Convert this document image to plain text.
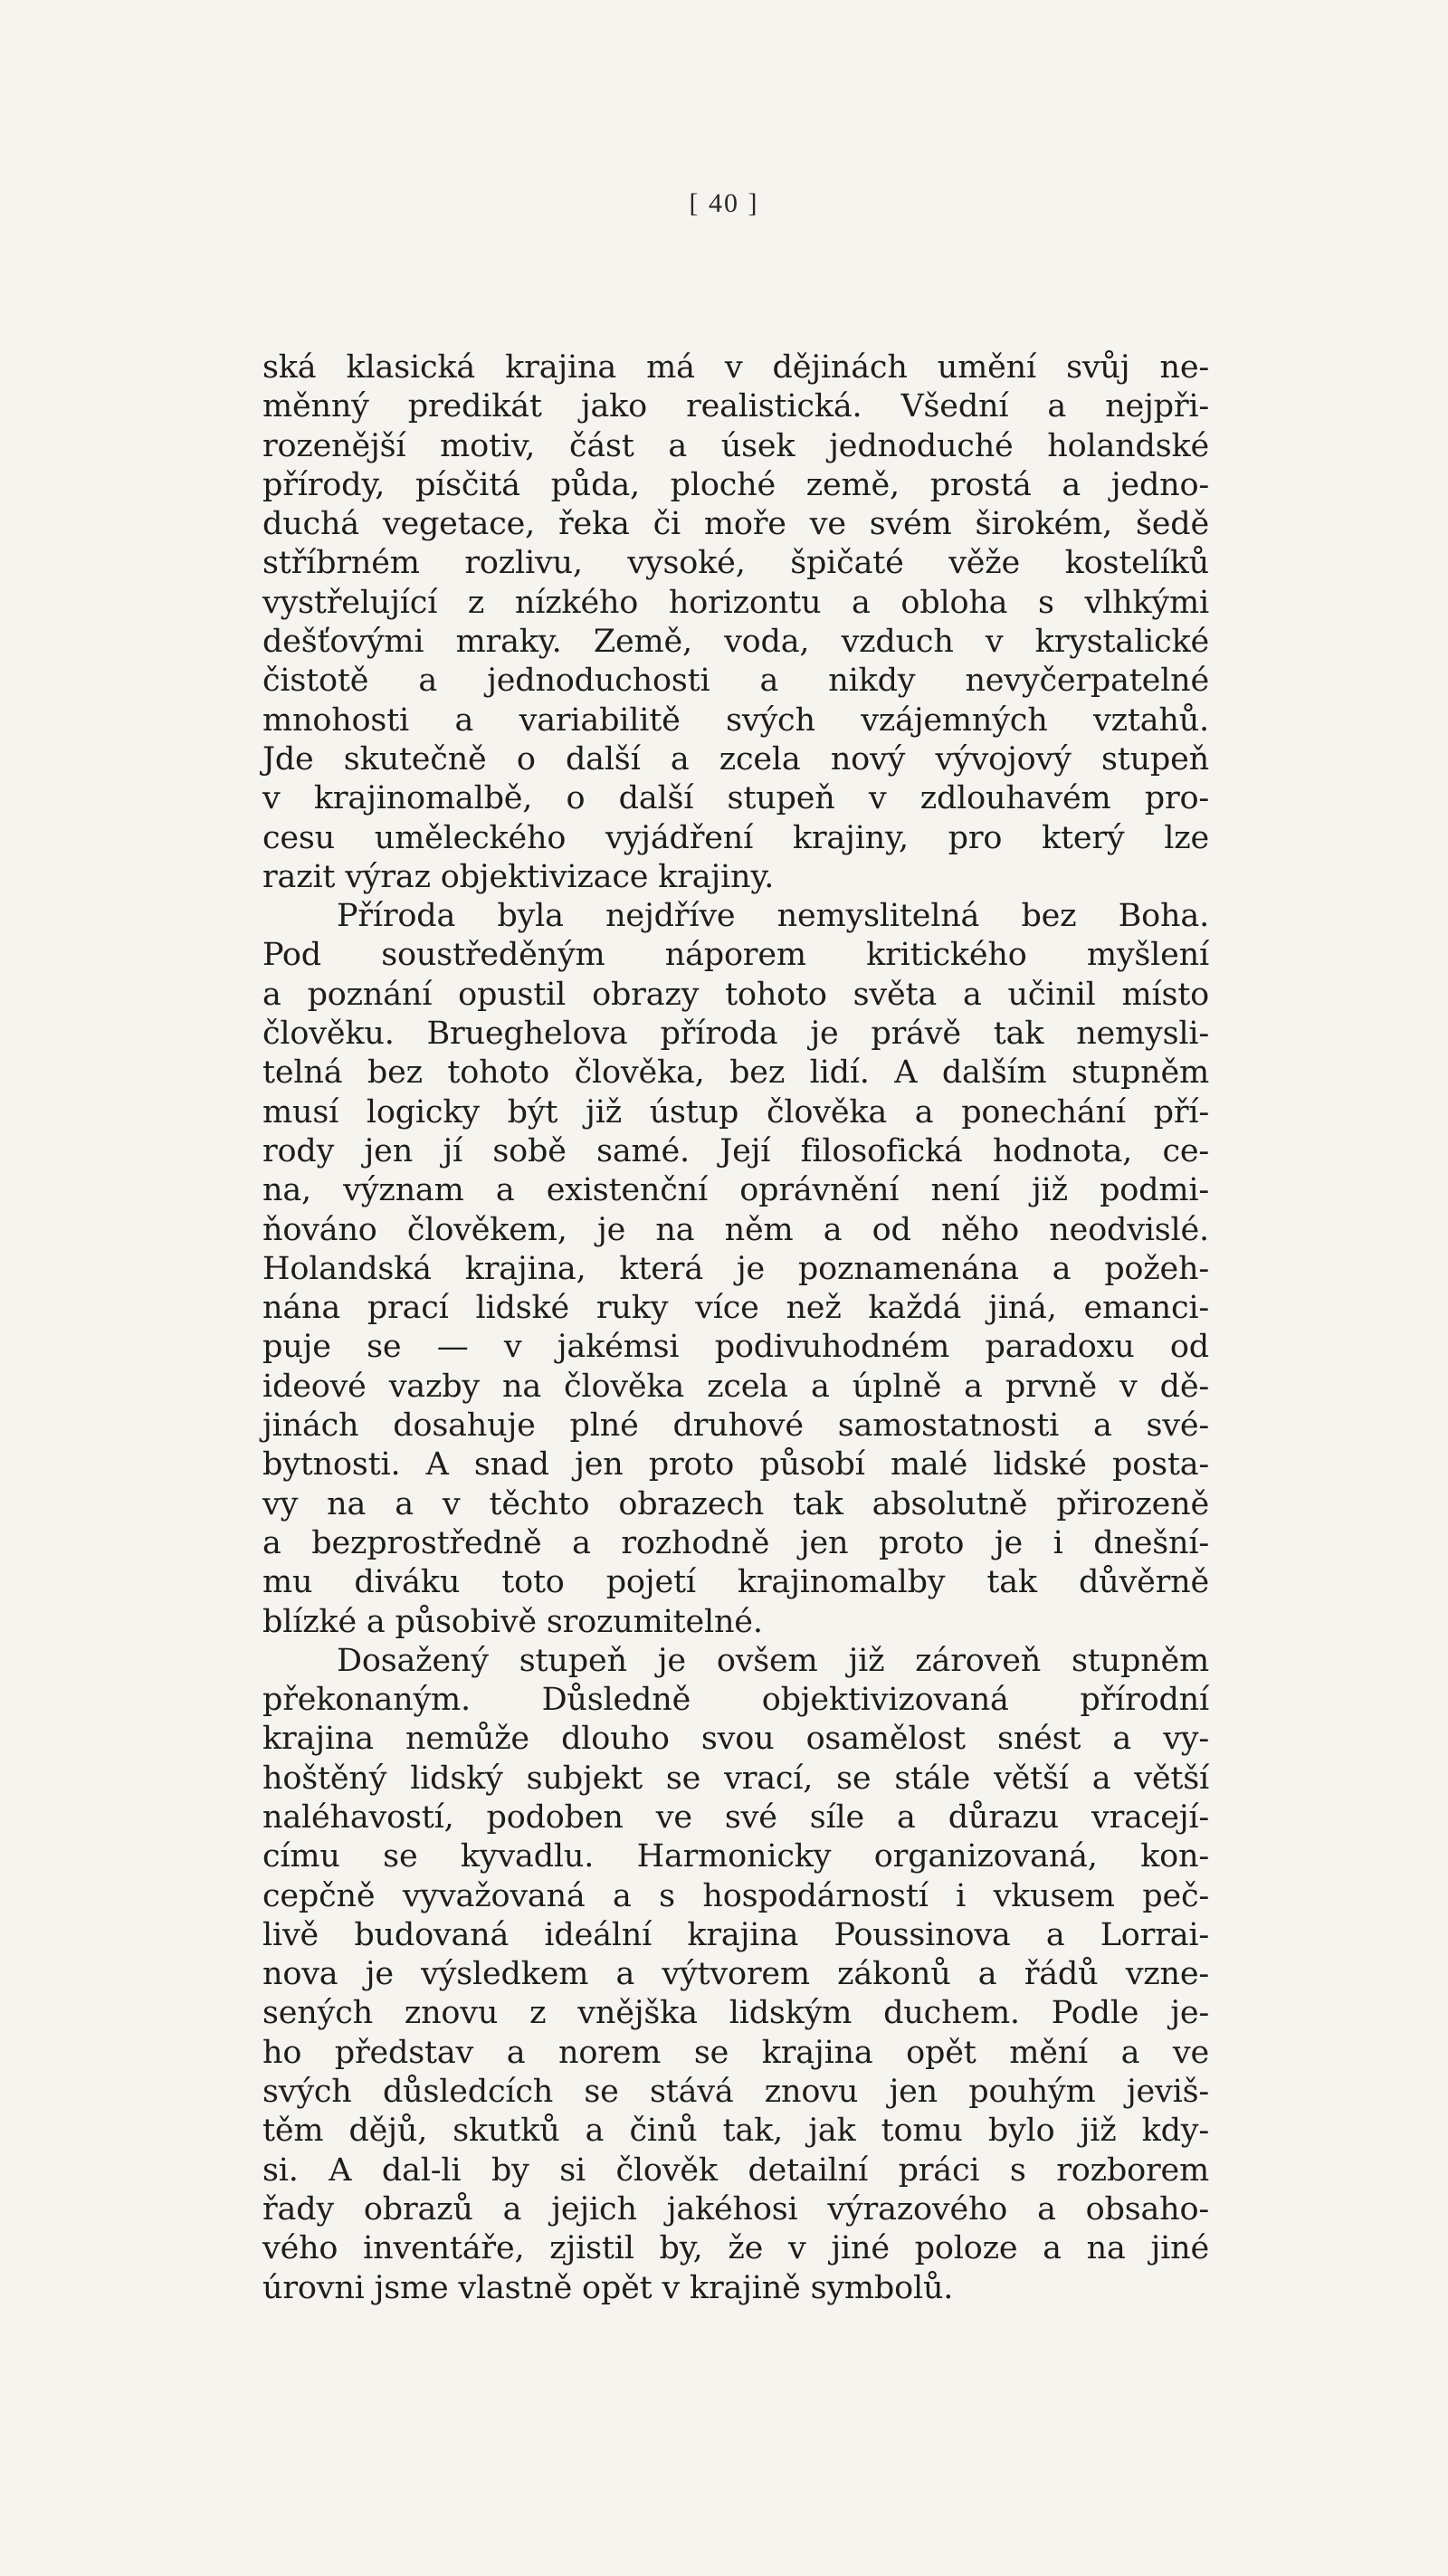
[ 40 ]
ská klasická krajina má v dějinách umění svůj ne-
měnný predikát jako realistická. Všední a nejpři-
rozenější motiv, část a úsek jednoduché holandské
přírody, písčitá půda, ploché země, prostá a jedno-
duchá vegetace, řeka či moře ve svém širokém, šedě
stříbrném rozlivu, vysoké, špičaté věže kostelíků
vystřelující z nízkého horizontu a obloha s vlhkými
dešťovými mraky. Země, voda, vzduch v krystalické
čistotě a jednoduchosti a nikdy nevyčerpatelné
mnohosti a variabilitě svých vzájemných vztahů.
Jde skutečně o další a zcela nový vývojový stupeň
v krajinomalbě, o další stupeň v zdlouhavém pro-
cesu uměleckého vyjádření krajiny, pro který lze
razit výraz objektivizace krajiny.
Příroda byla nejdříve nemyslitelná bez Boha.
Pod soustředěným náporem kritického myšlení
a poznání opustil obrazy tohoto světa a učinil místo
člověku. Brueghelova příroda je právě tak nemysli-
telná bez tohoto člověka, bez lidí. A dalším stupněm
musí logicky být již ústup člověka a ponechání pří-
rody jen jí sobě samé. Její filosofická hodnota, ce-
na, význam a existenční oprávnění není již podmi-
ňováno člověkem, je na něm a od něho neodvislé.
Holandská krajina, která je poznamenána a požeh-
nána prací lidské ruky více než každá jiná, emanci-
puje se — v jakémsi podivuhodném paradoxu od
ideové vazby na člověka zcela a úplně a prvně v dě-
jinách dosahuje plné druhové samostatnosti a své-
bytnosti. A snad jen proto působí malé lidské posta-
vy na a v těchto obrazech tak absolutně přirozeně
a bezprostředně a rozhodně jen proto je i dnešní-
mu diváku toto pojetí krajinomalby tak důvěrně
blízké a působivě srozumitelné.
Dosažený stupeň je ovšem již zároveň stupněm
překonaným. Důsledně objektivizovaná přírodní
krajina nemůže dlouho svou osamělost snést a vy-
hoštěný lidský subjekt se vrací, se stále větší a větší
naléhavostí, podoben ve své síle a důrazu vracejí-
címu se kyvadlu. Harmonicky organizovaná, kon-
cepčně vyvažovaná a s hospodárností i vkusem peč-
livě budovaná ideální krajina Poussinova a Lorrai-
nova je výsledkem a výtvorem zákonů a řádů vzne-
sených znovu z vnějška lidským duchem. Podle je-
ho představ a norem se krajina opět mění a ve
svých důsledcích se stává znovu jen pouhým jeviš-
těm dějů, skutků a činů tak, jak tomu bylo již kdy-
si. A dal-li by si člověk detailní práci s rozborem
řady obrazů a jejich jakéhosi výrazového a obsaho-
vého inventáře, zjistil by, že v jiné poloze a na jiné
úrovni jsme vlastně opět v krajině symbolů.
